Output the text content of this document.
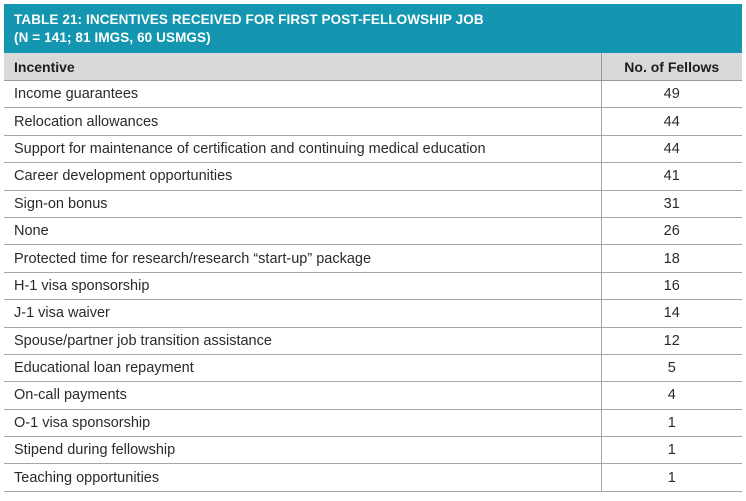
TABLE 21: INCENTIVES RECEIVED FOR FIRST POST-FELLOWSHIP JOB
(N = 141; 81 IMGS, 60 USMGS)
Incentive	No. of Fellows
Income guarantees	49
Relocation allowances	44
Support for maintenance of certification and continuing medical education	44
Career development opportunities	41
Sign-on bonus	31
None	26
Protected time for research/research “start-up” package	18
H-1 visa sponsorship	16
J-1 visa waiver	14
Spouse/partner job transition assistance	12
Educational loan repayment	5
On-call payments	4
O-1 visa sponsorship	1
Stipend during fellowship	1
Teaching opportunities	1
